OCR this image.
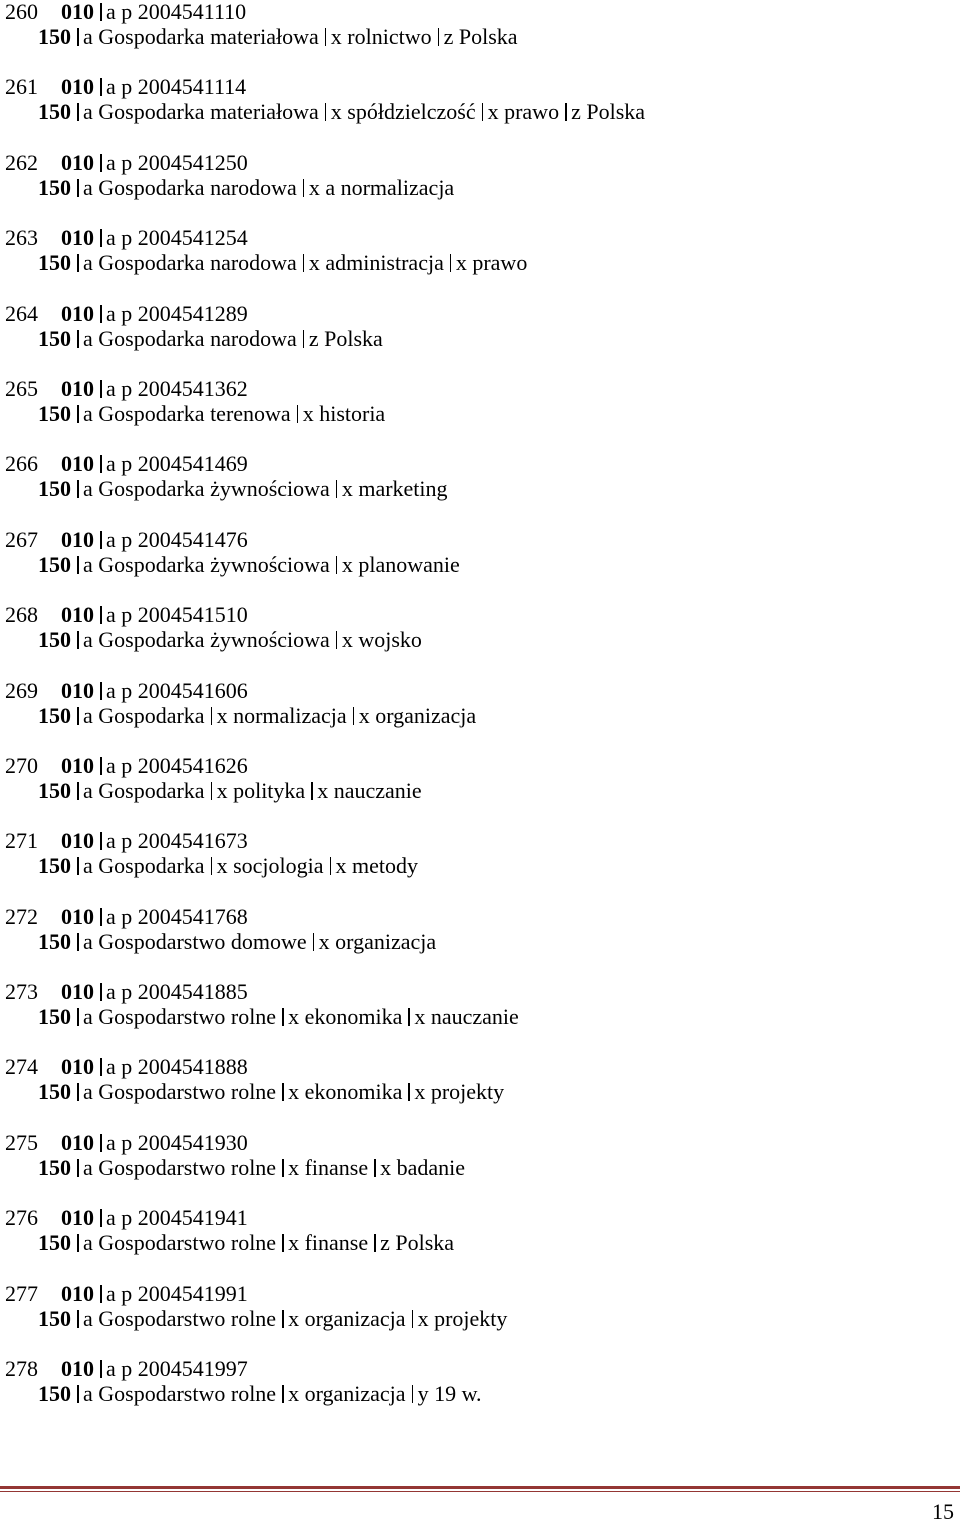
260 010 a p 2004541110
150 a Gospodarka materiałowa x rolnictwo z Polska
261 010 a p 2004541114
150 a Gospodarka materiałowa x spółdzielczość x prawo z Polska
262 010 a p 2004541250
150 a Gospodarka narodowa x a normalizacja
263 010 a p 2004541254
150 a Gospodarka narodowa x administracja x prawo
264 010 a p 2004541289
150 a Gospodarka narodowa z Polska
265 010 a p 2004541362
150 a Gospodarka terenowa x historia
266 010 a p 2004541469
150 a Gospodarka żywnościowa x marketing
267 010 a p 2004541476
150 a Gospodarka żywnościowa x planowanie
268 010 a p 2004541510
150 a Gospodarka żywnościowa x wojsko
269 010 a p 2004541606
150 a Gospodarka x normalizacja x organizacja
270 010 a p 2004541626
150 a Gospodarka x polityka x nauczanie
271 010 a p 2004541673
150 a Gospodarka x socjologia x metody
272 010 a p 2004541768
150 a Gospodarstwo domowe x organizacja
273 010 a p 2004541885
150 a Gospodarstwo rolne x ekonomika x nauczanie
274 010 a p 2004541888
150 a Gospodarstwo rolne x ekonomika x projekty
275 010 a p 2004541930
150 a Gospodarstwo rolne x finanse x badanie
276 010 a p 2004541941
150 a Gospodarstwo rolne x finanse z Polska
277 010 a p 2004541991
150 a Gospodarstwo rolne x organizacja x projekty
278 010 a p 2004541997
150 a Gospodarstwo rolne x organizacja y 19 w.
15
